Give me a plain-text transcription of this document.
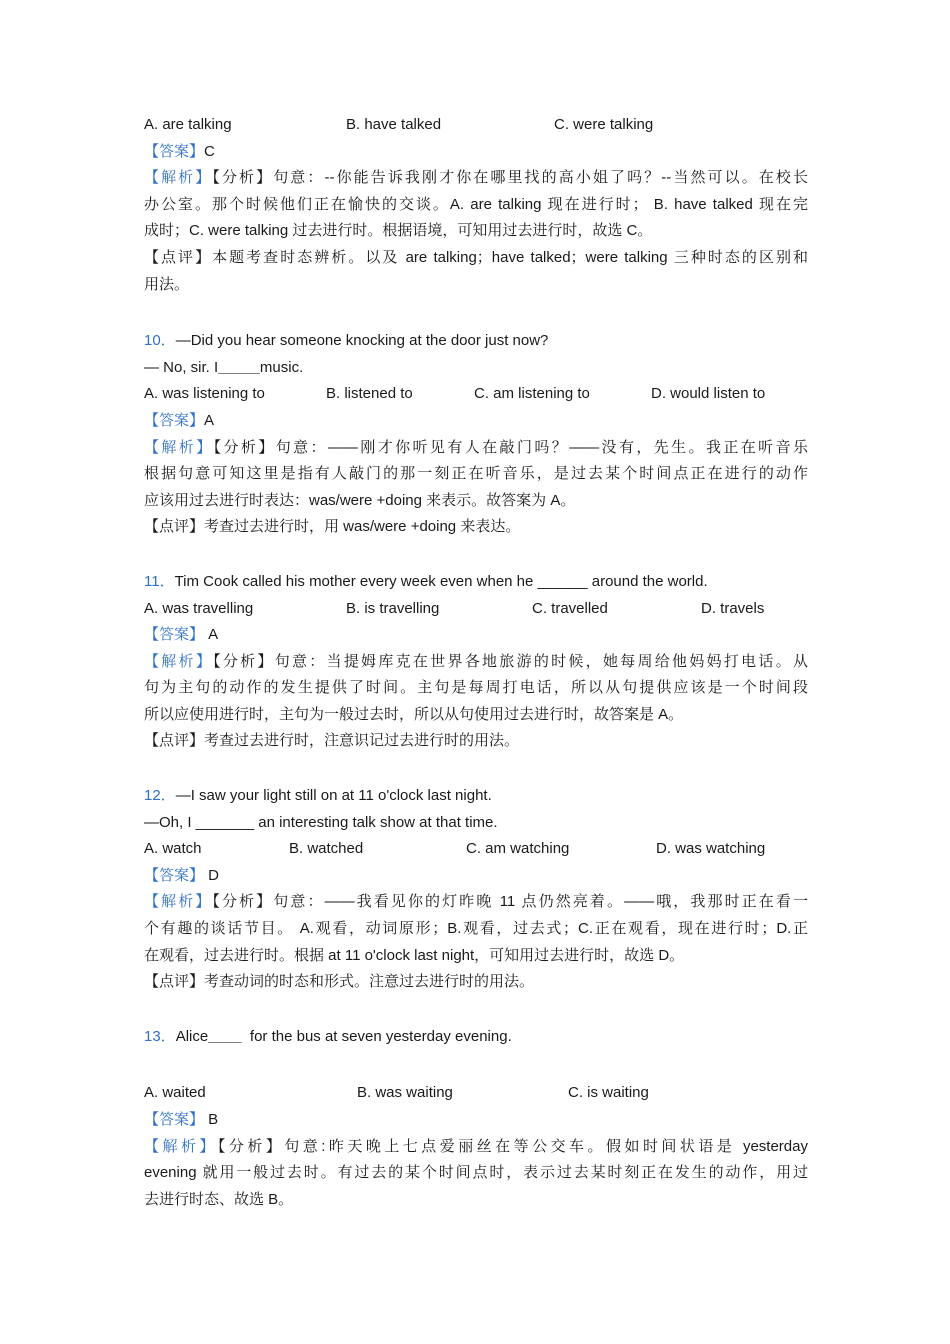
A. are talking	B. have talked	C. were talking
【答案】C
【解析】【分析】句意：--你能告诉我刚才你在哪里找的高小姐了吗？--当然可以。在校长
办公室。那个时候他们正在愉快的交谈。A. are talking 现在进行时； B. have talked 现在完
成时；C. were talking 过去进行时。根据语境，可知用过去进行时，故选 C。
【点评】本题考查时态辨析。以及 are talking；have talked；were talking 三种时态的区别和
用法。
10．—Did you hear someone knocking at the door just now?
— No, sir. I_____music.
A. was listening to	B. listened to	C. am listening to	D. would listen to
【答案】A
【解析】【分析】句意：——刚才你听见有人在敲门吗？——没有，先生。我正在听音乐
根据句意可知这里是指有人敲门的那一刻正在听音乐，是过去某个时间点正在进行的动作
应该用过去进行时表达：was/were +doing 来表示。故答案为 A。
【点评】考查过去进行时，用 was/were +doing 来表达。
11．Tim Cook called his mother every week even when he ______ around the world.
A. was travelling	B. is travelling	C. travelled	D. travels
【答案】 A
【解析】【分析】句意：当提姆库克在世界各地旅游的时候，她每周给他妈妈打电话。从
句为主句的动作的发生提供了时间。主句是每周打电话，所以从句提供应该是一个时间段
所以应使用进行时，主句为一般过去时，所以从句使用过去进行时，故答案是 A。
【点评】考查过去进行时，注意识记过去进行时的用法。
12．—I saw your light still on at 11 o'clock last night.
—Oh, I _______ an interesting talk show at that time.
A. watch	B. watched	C. am watching	D. was watching
【答案】 D
【解析】【分析】句意：——我看见你的灯昨晚 11 点仍然亮着。——哦，我那时正在看一
个有趣的谈话节目。 A.观看，动词原形；B.观看，过去式；C.正在观看，现在进行时；D.正
在观看，过去进行时。根据 at 11 o'clock last night，可知用过去进行时，故选 D。
【点评】考查动词的时态和形式。注意过去进行时的用法。
13．Alice____  for the bus at seven yesterday evening.
A. waited	B. was waiting	C. is waiting
【答案】 B
【解析】【分析】句意:昨天晚上七点爱丽丝在等公交车。假如时间状语是 yesterday
evening 就用一般过去时。有过去的某个时间点时，表示过去某时刻正在发生的动作，用过
去进行时态、故选 B。
